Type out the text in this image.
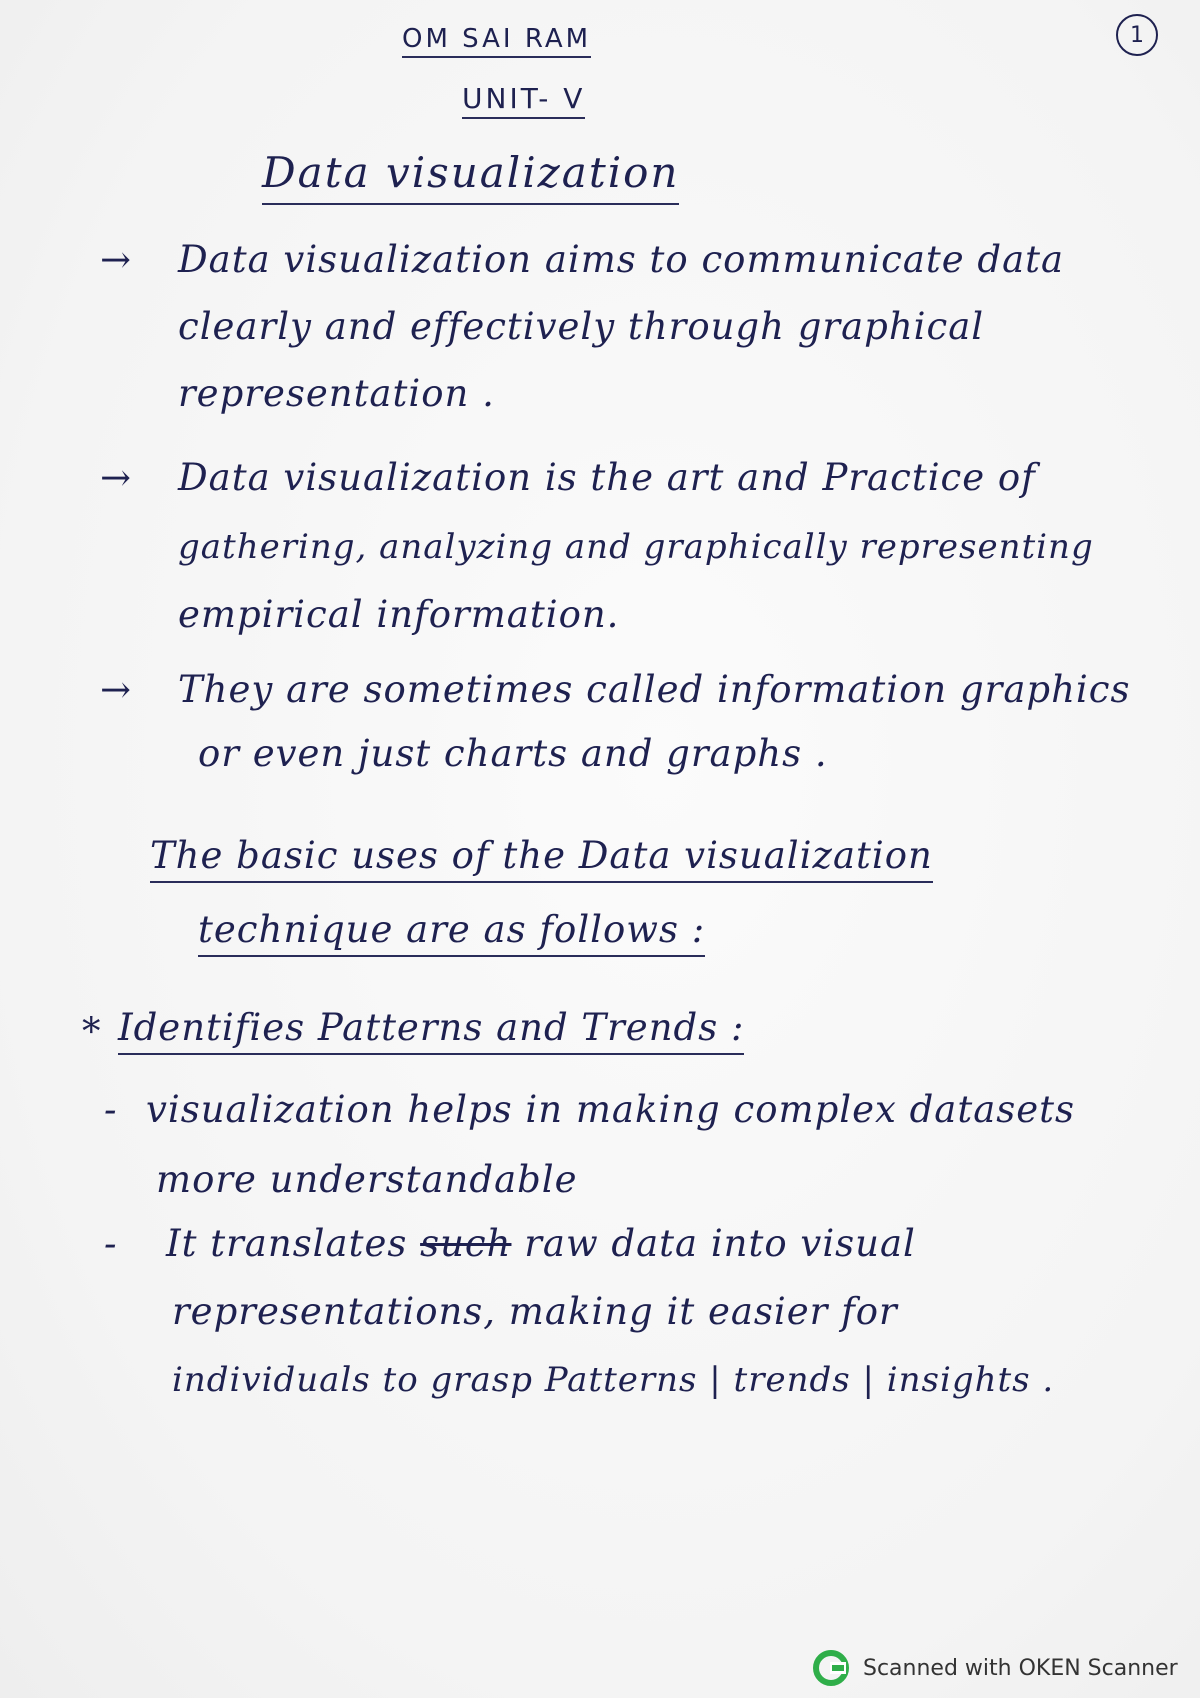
OM SAI RAM	1
UNIT- V
Data visualization
→ Data visualization aims to communicate data
clearly and effectively through graphical
representation .
→ Data visualization is the art and Practice of
gathering, analyzing and graphically representing
empirical information.
→ They are sometimes called information graphics
or even just charts and graphs .
The basic uses of the Data visualization
technique are as follows :
* Identifies Patterns and Trends :
- visualization helps in making complex datasets
more understandable
- It translates such raw data into visual
representations, making it easier for
individuals to grasp Patterns | trends | insights .
Scanned with OKEN Scanner
